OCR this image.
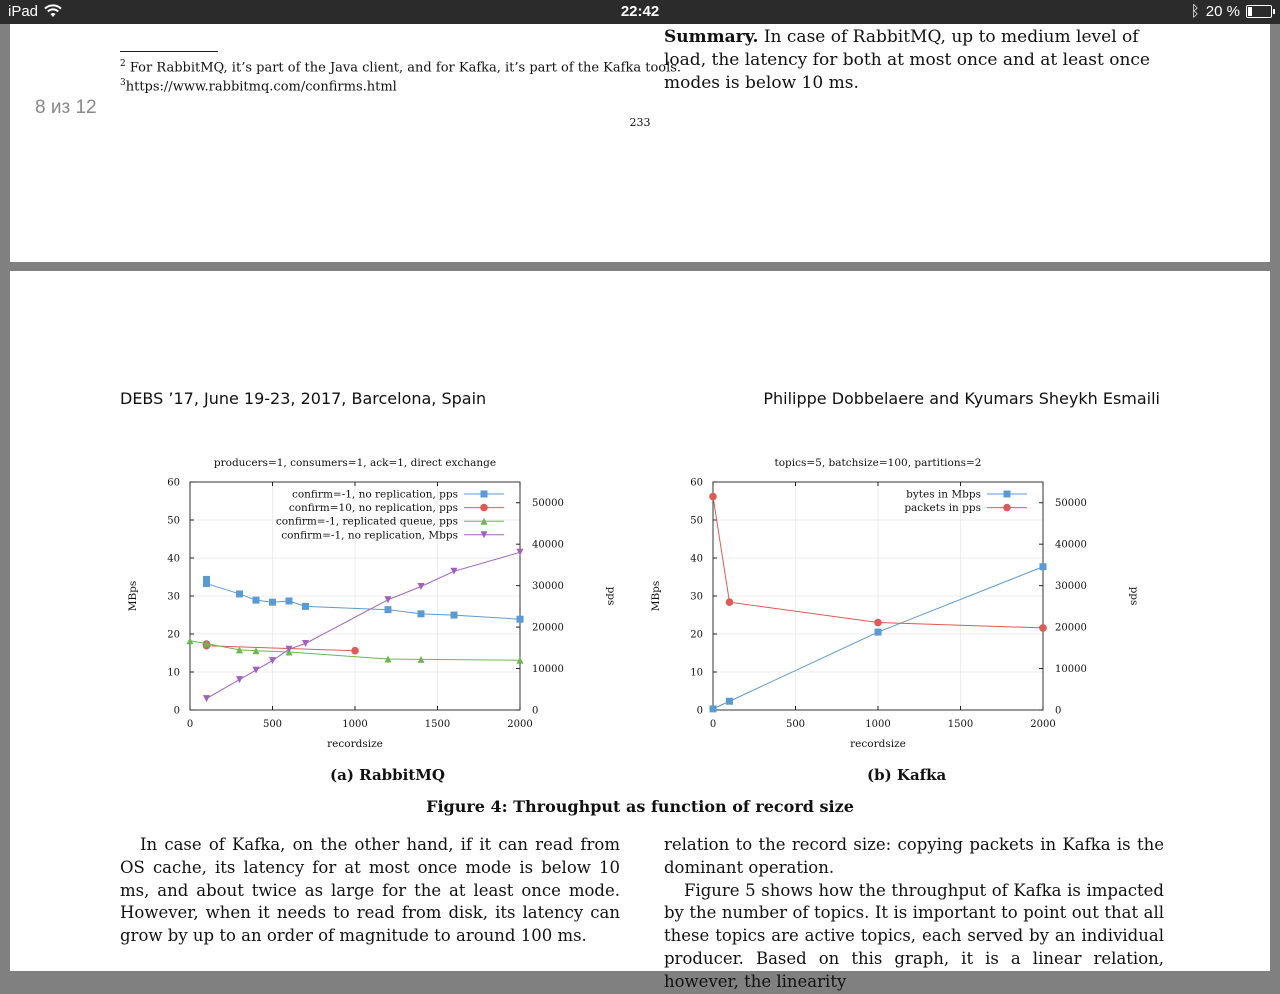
iPad	22:42	ᛒ 20 %
$^2$ For RabbitMQ, it’s part of the Java client, and for Kafka, it’s part of the Kafka tools.
$^3$https://www.rabbitmq.com/confirms.html
Summary. In case of RabbitMQ, up to medium level of load, the latency for both at most once and at least once modes is below 10 ms.
233
8 из 12
DEBS ’17, June 19-23, 2017, Barcelona, Spain	Philippe Dobbelaere and Kyumars Sheykh Esmaili
producers=1, consumers=1, ack=1, direct exchange
0	500	1000	1500	2000
0
10
20
30
40
50
60
0
10000
20000
30000
40000
50000
recordsize
MBps	pps
confirm=-1, no replication, pps
confirm=10, no replication, pps
confirm=-1, replicated queue, pps
confirm=-1, no replication, Mbps
topics=5, batchsize=100, partitions=2
0	500	1000	1500	2000
0
10
20
30
40
50
60
0
10000
20000
30000
40000
50000
recordsize
MBps	pps
bytes in Mbps
packets in pps
(a) RabbitMQ	(b) Kafka
Figure 4: Throughput as function of record size

In case of Kafka, on the other hand, if it can read from OS cache, its latency for at most once mode is below 10 ms, and about twice as large for the at least once mode. However, when it needs to read from disk, its latency can grow by up to an order of magnitude to around 100 ms.

relation to the record size: copying packets in Kafka is the dominant operation.

Figure 5 shows how the throughput of Kafka is impacted by the number of topics. It is important to point out that all these topics are active topics, each served by an individual producer. Based on this graph, it is a linear relation, however, the linearity
